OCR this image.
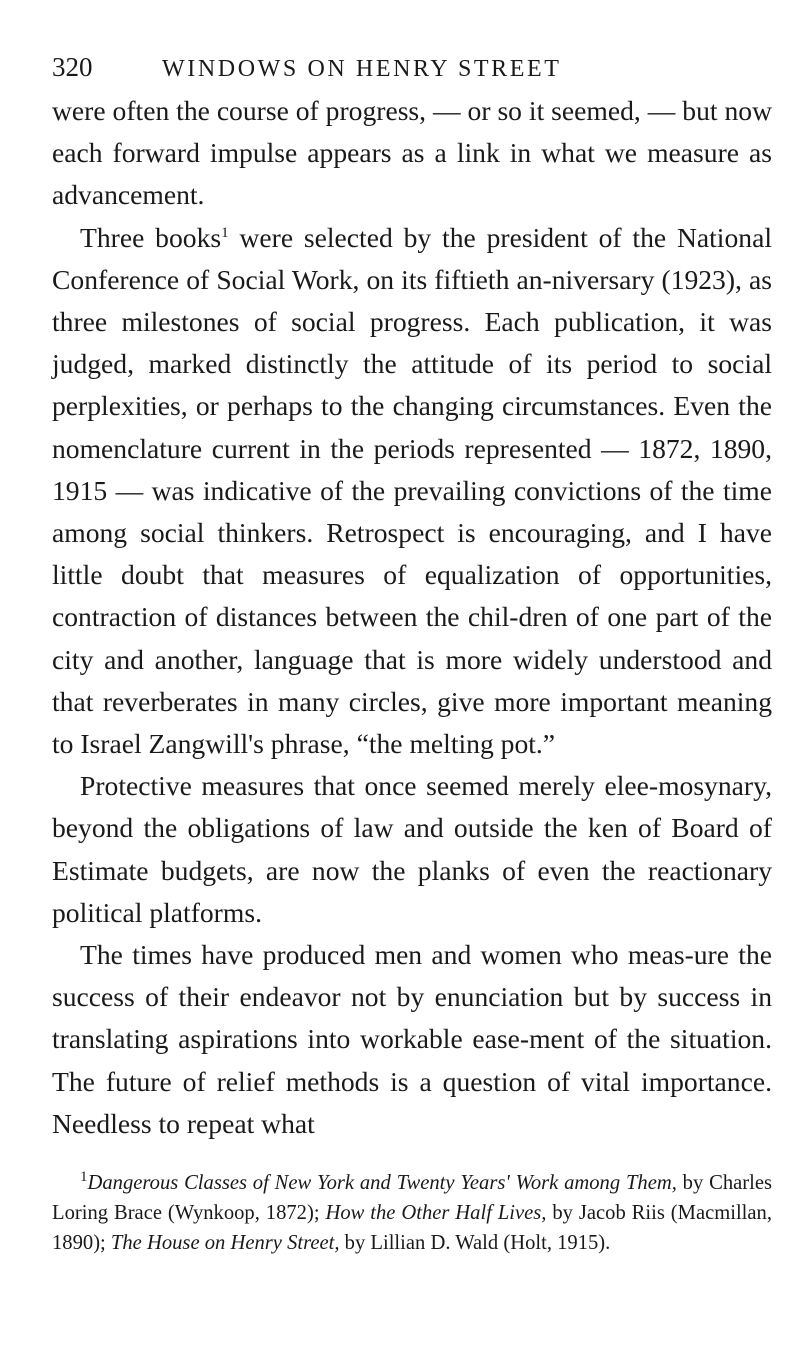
320	WINDOWS ON HENRY STREET

were often the course of progress, — or so it seemed, — but now each forward impulse appears as a link in what we measure as advancement.

Three books$^1$ were selected by the president of the National Conference of Social Work, on its fiftieth an-niversary (1923), as three milestones of social progress. Each publication, it was judged, marked distinctly the attitude of its period to social perplexities, or perhaps to the changing circumstances. Even the nomenclature current in the periods represented — 1872, 1890, 1915 — was indicative of the prevailing convictions of the time among social thinkers. Retrospect is encouraging, and I have little doubt that measures of equalization of opportunities, contraction of distances between the chil-dren of one part of the city and another, language that is more widely understood and that reverberates in many circles, give more important meaning to Israel Zangwill's phrase, “the melting pot.”

Protective measures that once seemed merely elee-mosynary, beyond the obligations of law and outside the ken of Board of Estimate budgets, are now the planks of even the reactionary political platforms.

The times have produced men and women who meas-ure the success of their endeavor not by enunciation but by success in translating aspirations into workable ease-ment of the situation. The future of relief methods is a question of vital importance. Needless to repeat what

$^1$Dangerous Classes of New York and Twenty Years' Work among Them, by Charles Loring Brace (Wynkoop, 1872); How the Other Half Lives, by Jacob Riis (Macmillan, 1890); The House on Henry Street, by Lillian D. Wald (Holt, 1915).
